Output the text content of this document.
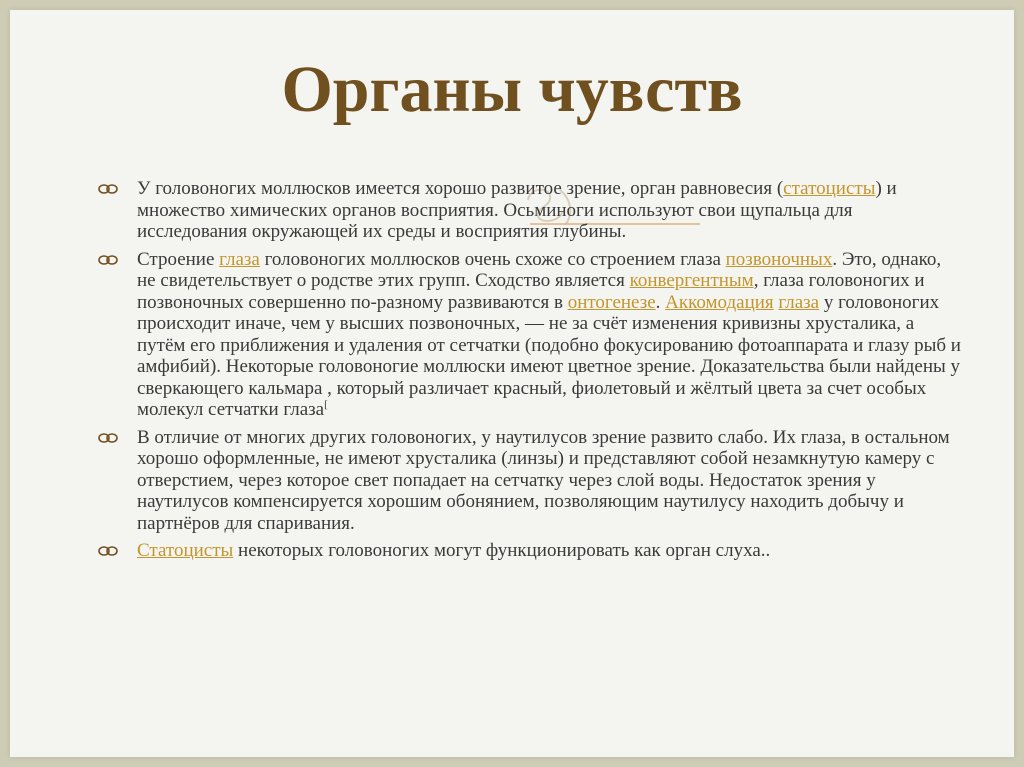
Органы чувств
У головоногих моллюсков имеется хорошо развитое зрение, орган равновесия (статоцисты) и множество химических органов восприятия. Осьминоги используют свои щупальца для исследования окружающей их среды и восприятия глубины.
Строение глаза головоногих моллюсков очень схоже со строением глаза позвоночных. Это, однако, не свидетельствует о родстве этих групп. Сходство является конвергентным, глаза головоногих и позвоночных совершенно по-разному развиваются в онтогенезе. Аккомодация глаза у головоногих происходит иначе, чем у высших позвоночных, — не за счёт изменения кривизны хрусталика, а путём его приближения и удаления от сетчатки (подобно фокусированию фотоаппарата и глазу рыб и амфибий). Некоторые головоногие моллюски имеют цветное зрение. Доказательства были найдены у сверкающего кальмара , который различает красный, фиолетовый и жёлтый цвета за счет особых молекул сетчатки глаза[
В отличие от многих других головоногих, у наутилусов зрение развито слабо. Их глаза, в остальном хорошо оформленные, не имеют хрусталика (линзы) и представляют собой незамкнутую камеру с отверстием, через которое свет попадает на сетчатку через слой воды. Недостаток зрения у наутилусов компенсируется хорошим обонянием, позволяющим наутилусу находить добычу и партнёров для спаривания.
Статоцисты некоторых головоногих могут функционировать как орган слуха..
